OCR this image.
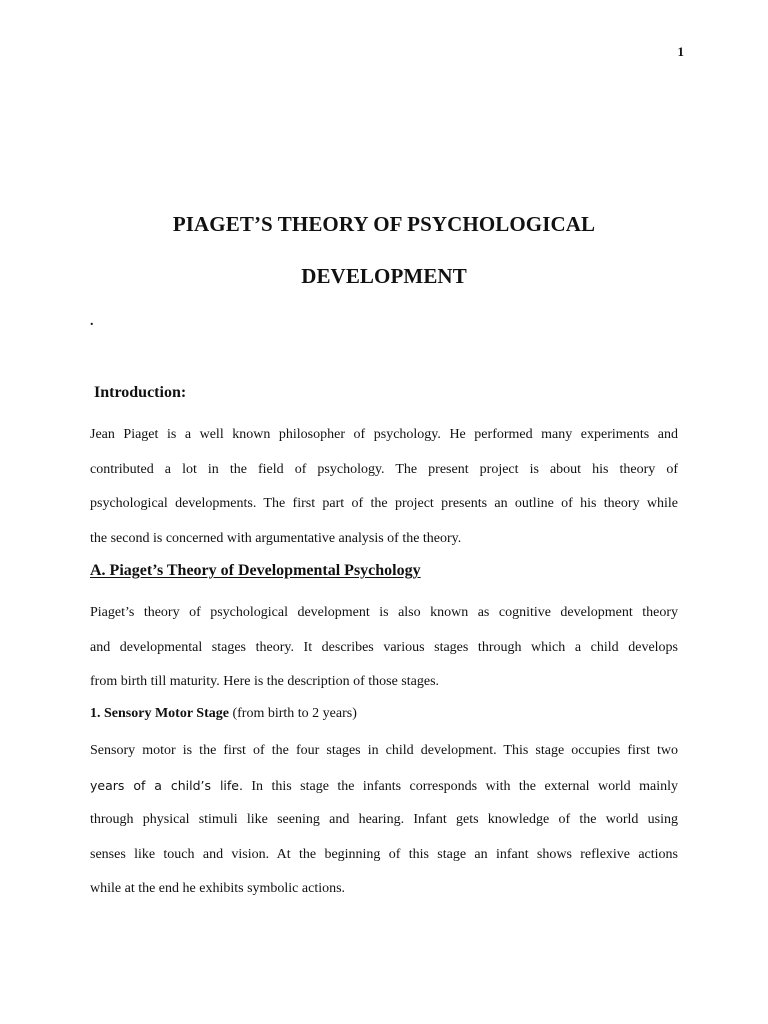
1
PIAGET’S THEORY OF PSYCHOLOGICAL
DEVELOPMENT
.
Introduction:
Jean Piaget is a well known philosopher of psychology. He performed many experiments and
contributed a lot in the field of psychology. The present project is about his theory of
psychological developments. The first part of the project presents an outline of his theory while
the second is concerned with argumentative analysis of the theory.
A. Piaget’s Theory of Developmental Psychology
Piaget’s theory of psychological development is also known as cognitive development theory
and developmental stages theory. It describes various stages through which a child develops
from birth till maturity. Here is the description of those stages.
1. Sensory Motor Stage (from birth to 2 years)
Sensory motor is the first of the four stages in child development. This stage occupies first two
years of a child’s life. In this stage the infants corresponds with the external world mainly
through physical stimuli like seening and hearing. Infant gets knowledge of the world using
senses like touch and vision. At the beginning of this stage an infant shows reflexive actions
while at the end he exhibits symbolic actions.
